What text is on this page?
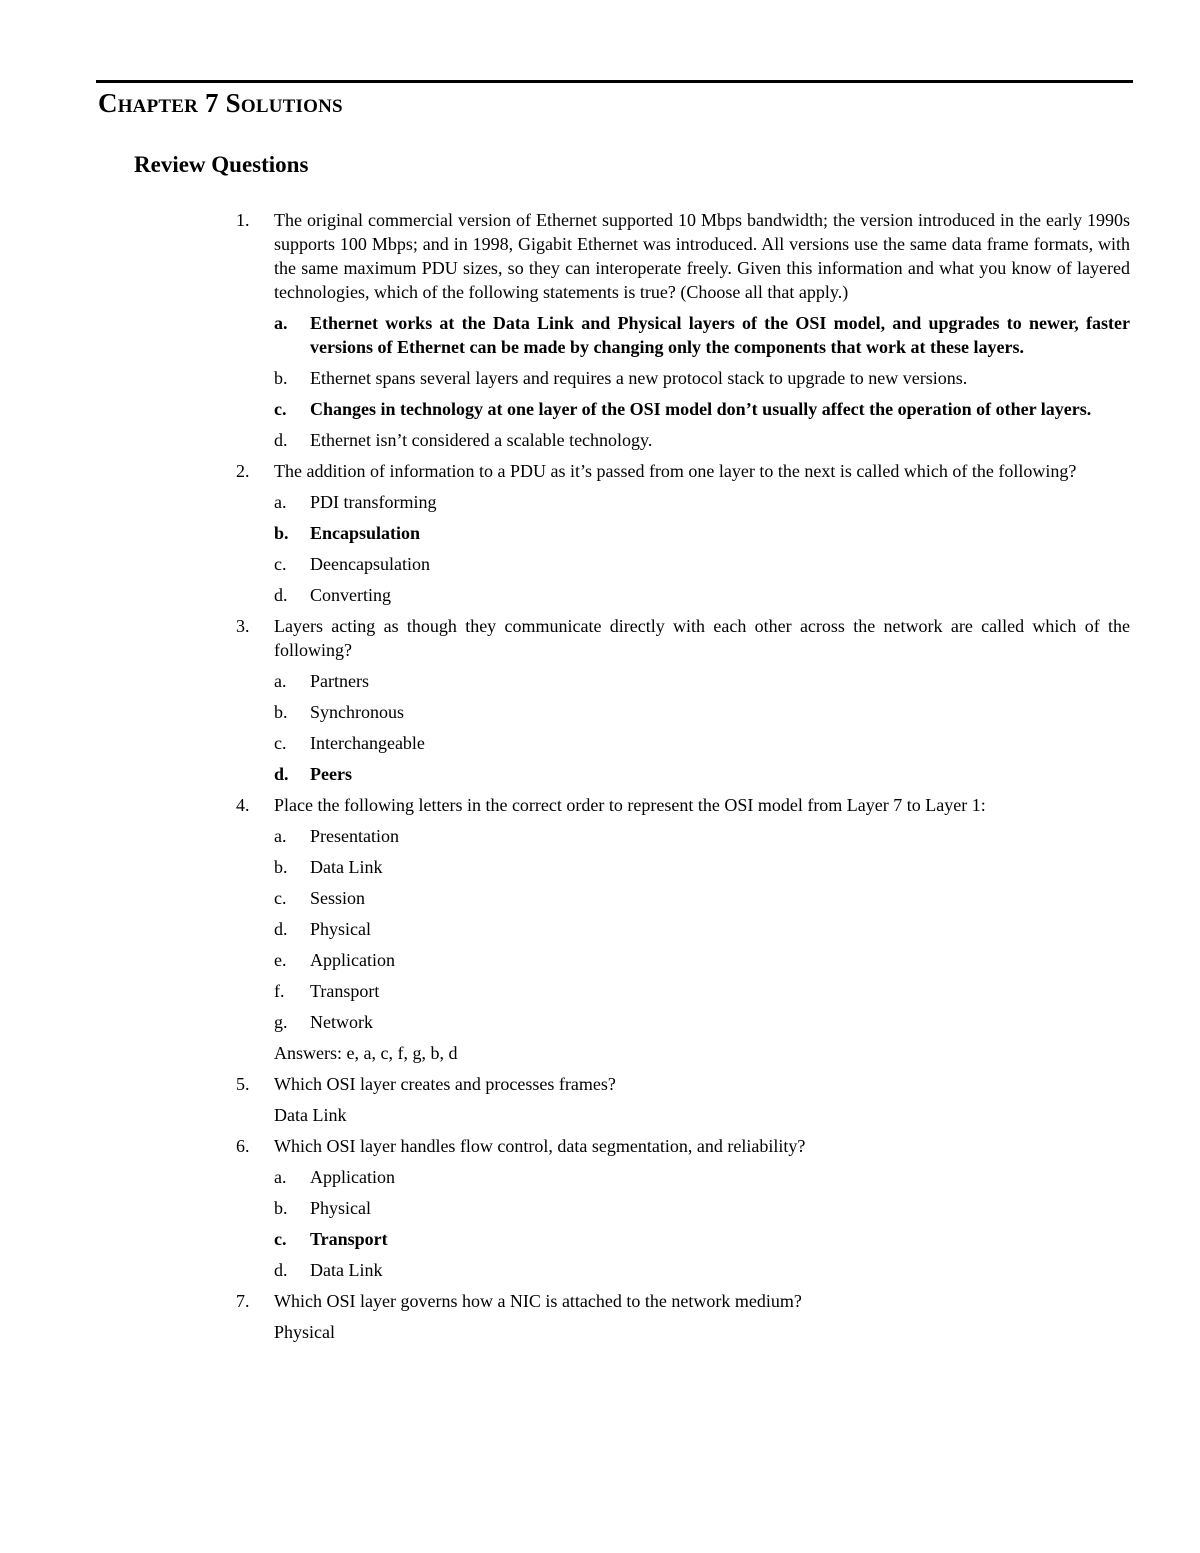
Chapter 7 Solutions
Review Questions
1.	The original commercial version of Ethernet supported 10 Mbps bandwidth; the version introduced in the early 1990s supports 100 Mbps; and in 1998, Gigabit Ethernet was introduced. All versions use the same data frame formats, with the same maximum PDU sizes, so they can interoperate freely. Given this information and what you know of layered technologies, which of the following statements is true? (Choose all that apply.)
a. Ethernet works at the Data Link and Physical layers of the OSI model, and upgrades to newer, faster versions of Ethernet can be made by changing only the components that work at these layers.
b. Ethernet spans several layers and requires a new protocol stack to upgrade to new versions.
c. Changes in technology at one layer of the OSI model don’t usually affect the operation of other layers.
d. Ethernet isn’t considered a scalable technology.
2.	The addition of information to a PDU as it’s passed from one layer to the next is called which of the following?
a. PDI transforming
b. Encapsulation
c. Deencapsulation
d. Converting
3.	Layers acting as though they communicate directly with each other across the network are called which of the following?
a. Partners
b. Synchronous
c. Interchangeable
d. Peers
4.	Place the following letters in the correct order to represent the OSI model from Layer 7 to Layer 1:
a. Presentation
b. Data Link
c. Session
d. Physical
e. Application
f. Transport
g. Network
Answers: e, a, c, f, g, b, d
5.	Which OSI layer creates and processes frames?
Data Link
6.	Which OSI layer handles flow control, data segmentation, and reliability?
a. Application
b. Physical
c. Transport
d. Data Link
7.	Which OSI layer governs how a NIC is attached to the network medium?
Physical
